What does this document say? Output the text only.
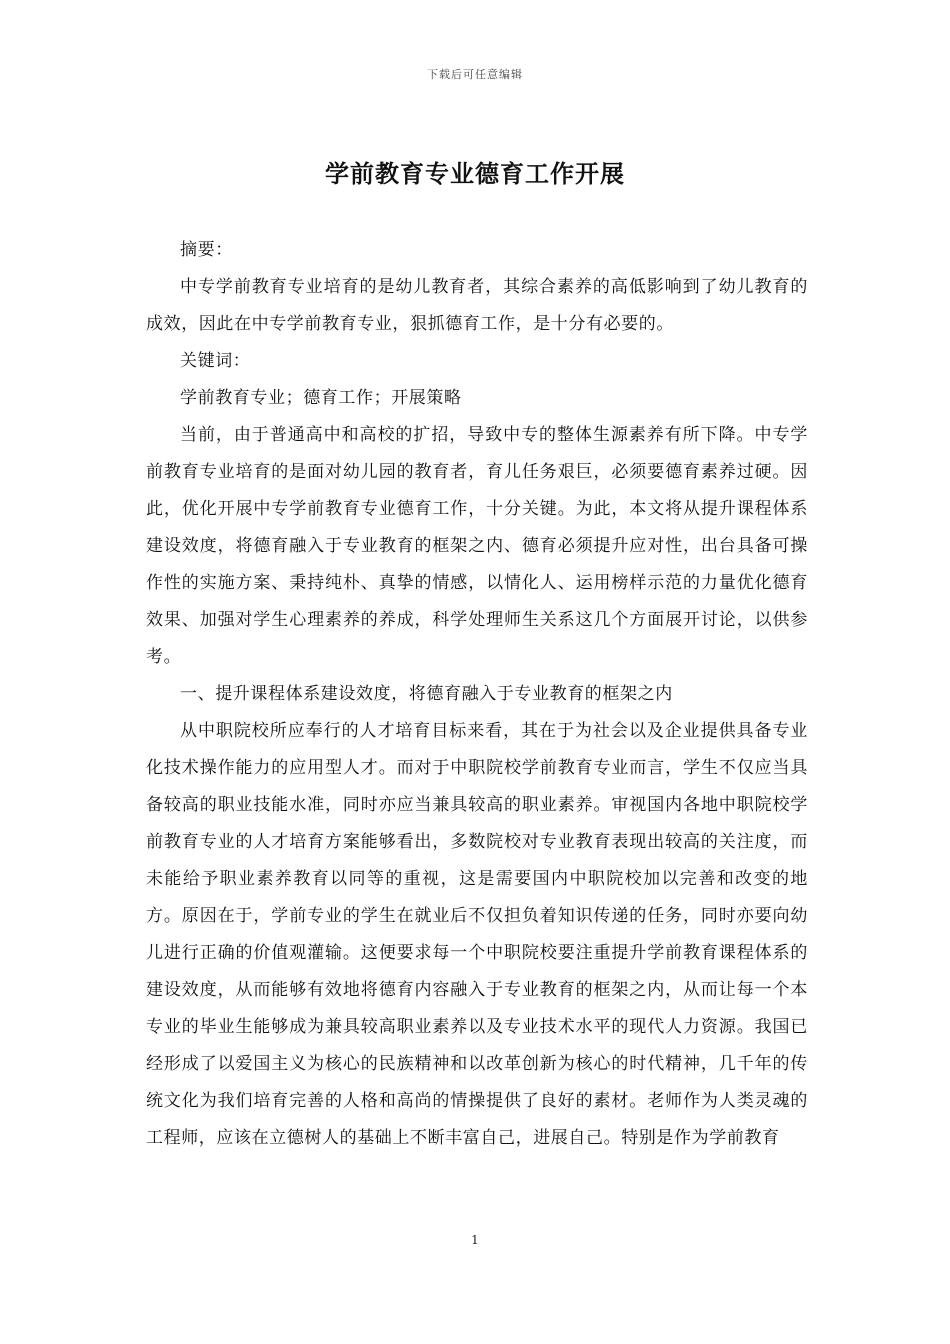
下载后可任意编辑
学前教育专业德育工作开展

摘要：

中专学前教育专业培育的是幼儿教育者，其综合素养的高低影响到了幼儿教育的成效，因此在中专学前教育专业，狠抓德育工作，是十分有必要的。

关键词：

学前教育专业；德育工作；开展策略

当前，由于普通高中和高校的扩招，导致中专的整体生源素养有所下降。中专学前教育专业培育的是面对幼儿园的教育者，育儿任务艰巨，必须要德育素养过硬。因此，优化开展中专学前教育专业德育工作，十分关键。为此，本文将从提升课程体系建设效度，将德育融入于专业教育的框架之内、德育必须提升应对性，出台具备可操作性的实施方案、秉持纯朴、真挚的情感，以情化人、运用榜样示范的力量优化德育效果、加强对学生心理素养的养成，科学处理师生关系这几个方面展开讨论，以供参考。

一、提升课程体系建设效度，将德育融入于专业教育的框架之内

从中职院校所应奉行的人才培育目标来看，其在于为社会以及企业提供具备专业化技术操作能力的应用型人才。而对于中职院校学前教育专业而言，学生不仅应当具备较高的职业技能水准，同时亦应当兼具较高的职业素养。审视国内各地中职院校学前教育专业的人才培育方案能够看出，多数院校对专业教育表现出较高的关注度，而未能给予职业素养教育以同等的重视，这是需要国内中职院校加以完善和改变的地方。原因在于，学前专业的学生在就业后不仅担负着知识传递的任务，同时亦要向幼儿进行正确的价值观灌输。这便要求每一个中职院校要注重提升学前教育课程体系的建设效度，从而能够有效地将德育内容融入于专业教育的框架之内，从而让每一个本专业的毕业生能够成为兼具较高职业素养以及专业技术水平的现代人力资源。我国已经形成了以爱国主义为核心的民族精神和以改革创新为核心的时代精神，几千年的传统文化为我们培育完善的人格和高尚的情操提供了良好的素材。老师作为人类灵魂的工程师，应该在立德树人的基础上不断丰富自己，进展自己。特别是作为学前教育

1
